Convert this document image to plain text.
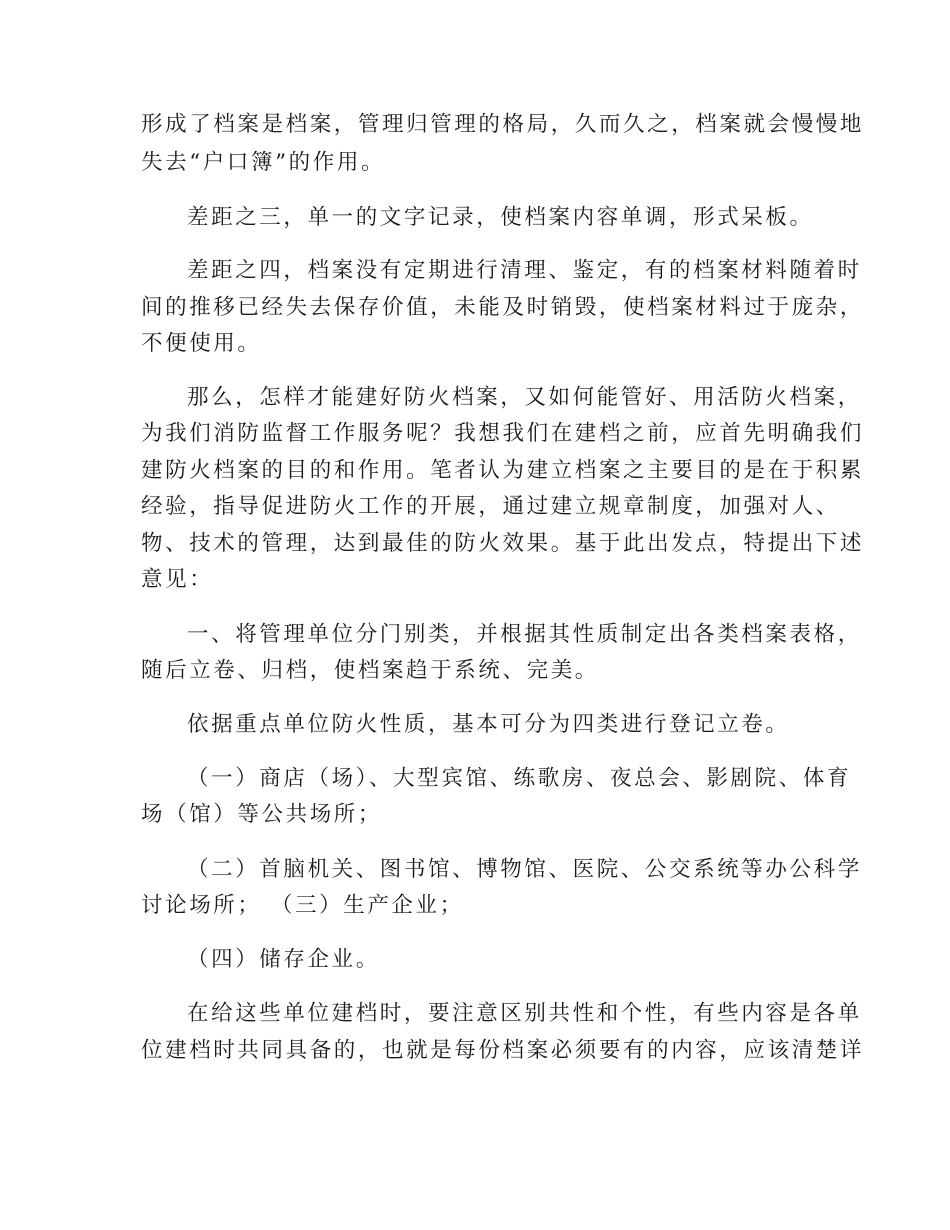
形成了档案是档案，管理归管理的格局，久而久之，档案就会慢慢地
失去“户口簿”的作用。
差距之三，单一的文字记录，使档案内容单调，形式呆板。
差距之四，档案没有定期进行清理、鉴定，有的档案材料随着时
间的推移已经失去保存价值，未能及时销毁，使档案材料过于庞杂，
不便使用。
那么，怎样才能建好防火档案，又如何能管好、用活防火档案，
为我们消防监督工作服务呢？我想我们在建档之前，应首先明确我们
建防火档案的目的和作用。笔者认为建立档案之主要目的是在于积累
经验，指导促进防火工作的开展，通过建立规章制度，加强对人、
物、技术的管理，达到最佳的防火效果。基于此出发点，特提出下述
意见：
一、将管理单位分门别类，并根据其性质制定出各类档案表格，
随后立卷、归档，使档案趋于系统、完美。
依据重点单位防火性质，基本可分为四类进行登记立卷。
（一）商店（场）、大型宾馆、练歌房、夜总会、影剧院、体育
场（馆）等公共场所；
（二）首脑机关、图书馆、博物馆、医院、公交系统等办公科学
讨论场所； （三）生产企业；
（四）储存企业。
在给这些单位建档时，要注意区别共性和个性，有些内容是各单
位建档时共同具备的，也就是每份档案必须要有的内容，应该清楚详
